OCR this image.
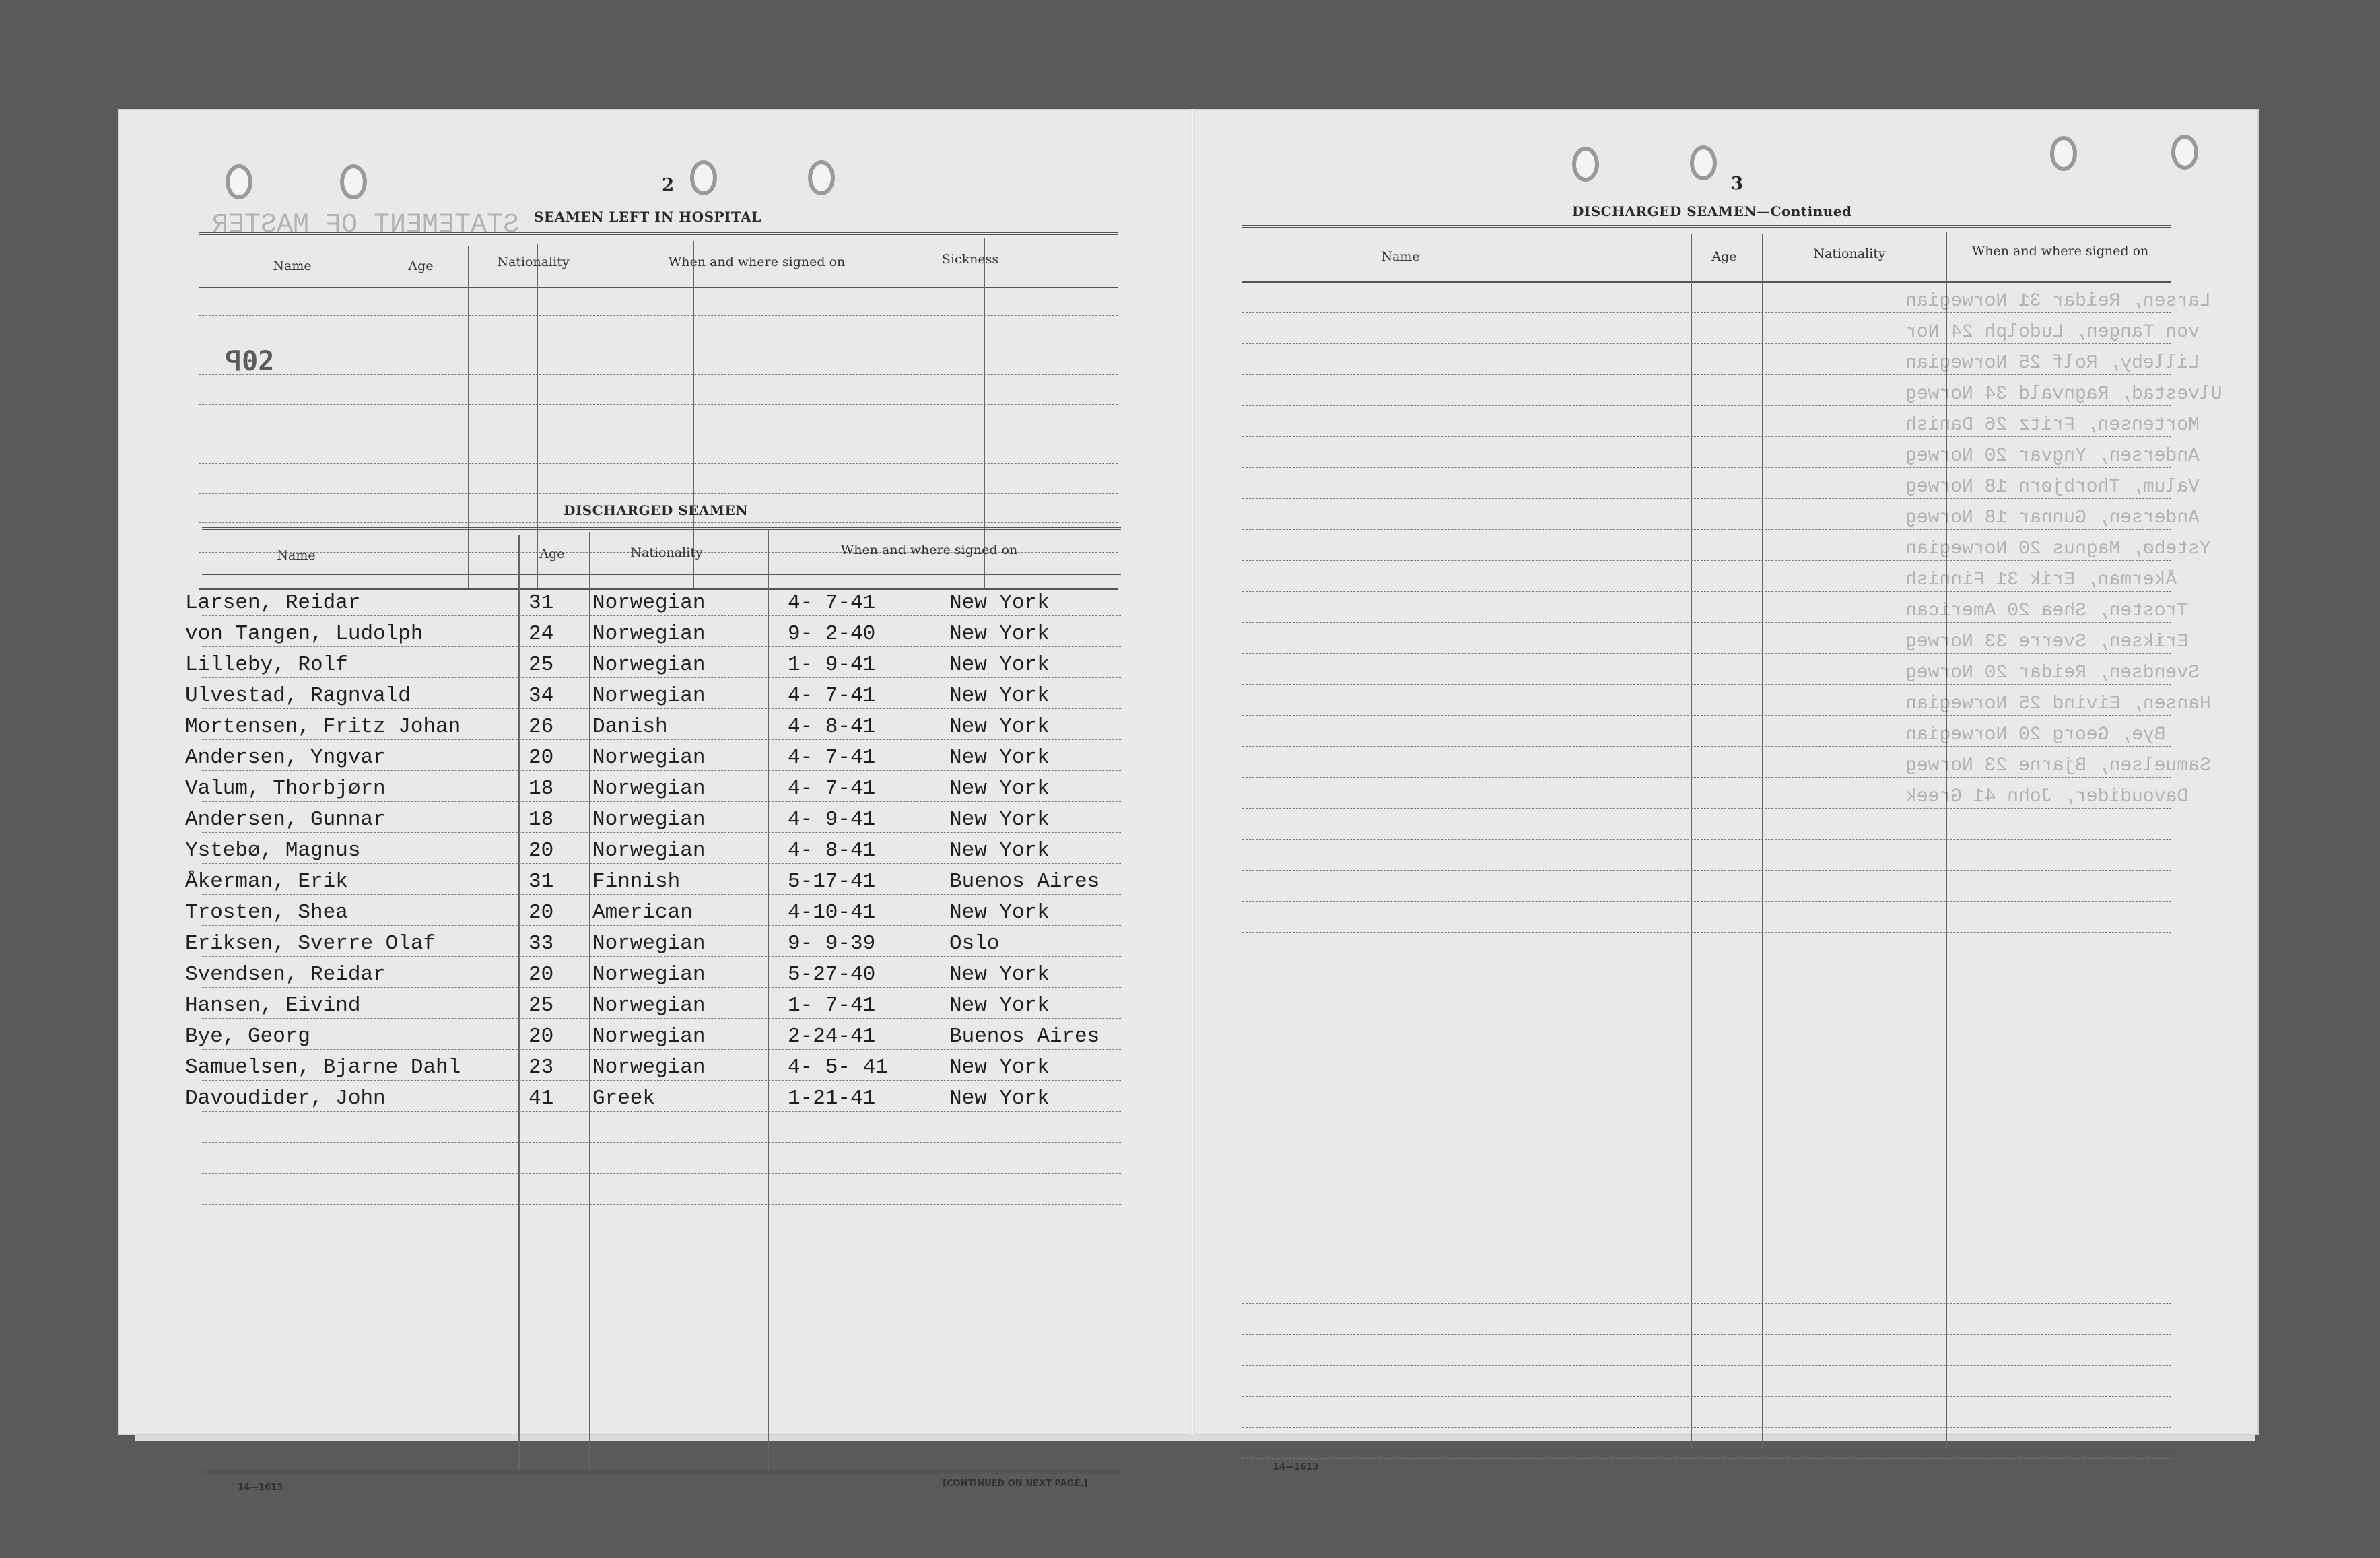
2
SEAMEN LEFT IN HOSPITAL
Name	Age	Nationality	When and where signed on	Sickness
ꟼ02
STATEMENT OF MASTER
DISCHARGED SEAMEN
Name	Age	Nationality	When and where signed on
Larsen, Reidar	31 Norwegian	4- 7-41	New York
von Tangen, Ludolph	24 Norwegian	9- 2-40	New York
Lilleby, Rolf	25 Norwegian	1- 9-41	New York
Ulvestad, Ragnvald	34 Norwegian	4- 7-41	New York
Mortensen, Fritz Johan	26 Danish	4- 8-41	New York
Andersen, Yngvar	20 Norwegian	4- 7-41	New York
Valum, Thorbjørn	18 Norwegian	4- 7-41	New York
Andersen, Gunnar	18 Norwegian	4- 9-41	New York
Ystebø, Magnus	20 Norwegian	4- 8-41	New York
Åkerman, Erik	31 Finnish	5-17-41	Buenos Aires
Trosten, Shea	20 American	4-10-41	New York
Eriksen, Sverre Olaf	33 Norwegian	9- 9-39	Oslo
Svendsen, Reidar	20 Norwegian	5-27-40	New York
Hansen, Eivind	25 Norwegian	1- 7-41	New York
Bye, Georg	20 Norwegian	2-24-41	Buenos Aires
Samuelsen, Bjarne Dahl	23 Norwegian	4- 5- 41	New York
Davoudider, John	41 Greek	1-21-41	New York
14—1613	[CONTINUED ON NEXT PAGE.]
3
DISCHARGED SEAMEN—Continued
Name	Age	Nationality	When and where signed on
14—1613
Larsen, Reidar 31 Norwegian
von Tangen, Ludolph 24 Nor
Lilleby, Rolf 25 Norwegian
Ulvestad, Ragnvald 34 Norweg
Mortensen, Fritz 26 Danish
Andersen, Yngvar 20 Norweg
Valum, Thorbjørn 18 Norweg
Andersen, Gunnar 18 Norweg
Ystebø, Magnus 20 Norwegian
Åkerman, Erik 31 Finnish
Trosten, Shea 20 American
Eriksen, Sverre 33 Norweg
Svendsen, Reidar 20 Norweg
Hansen, Eivind 25 Norwegian
Bye, Georg 20 Norwegian
Samuelsen, Bjarne 23 Norweg
Davoudider, John 41 Greek
